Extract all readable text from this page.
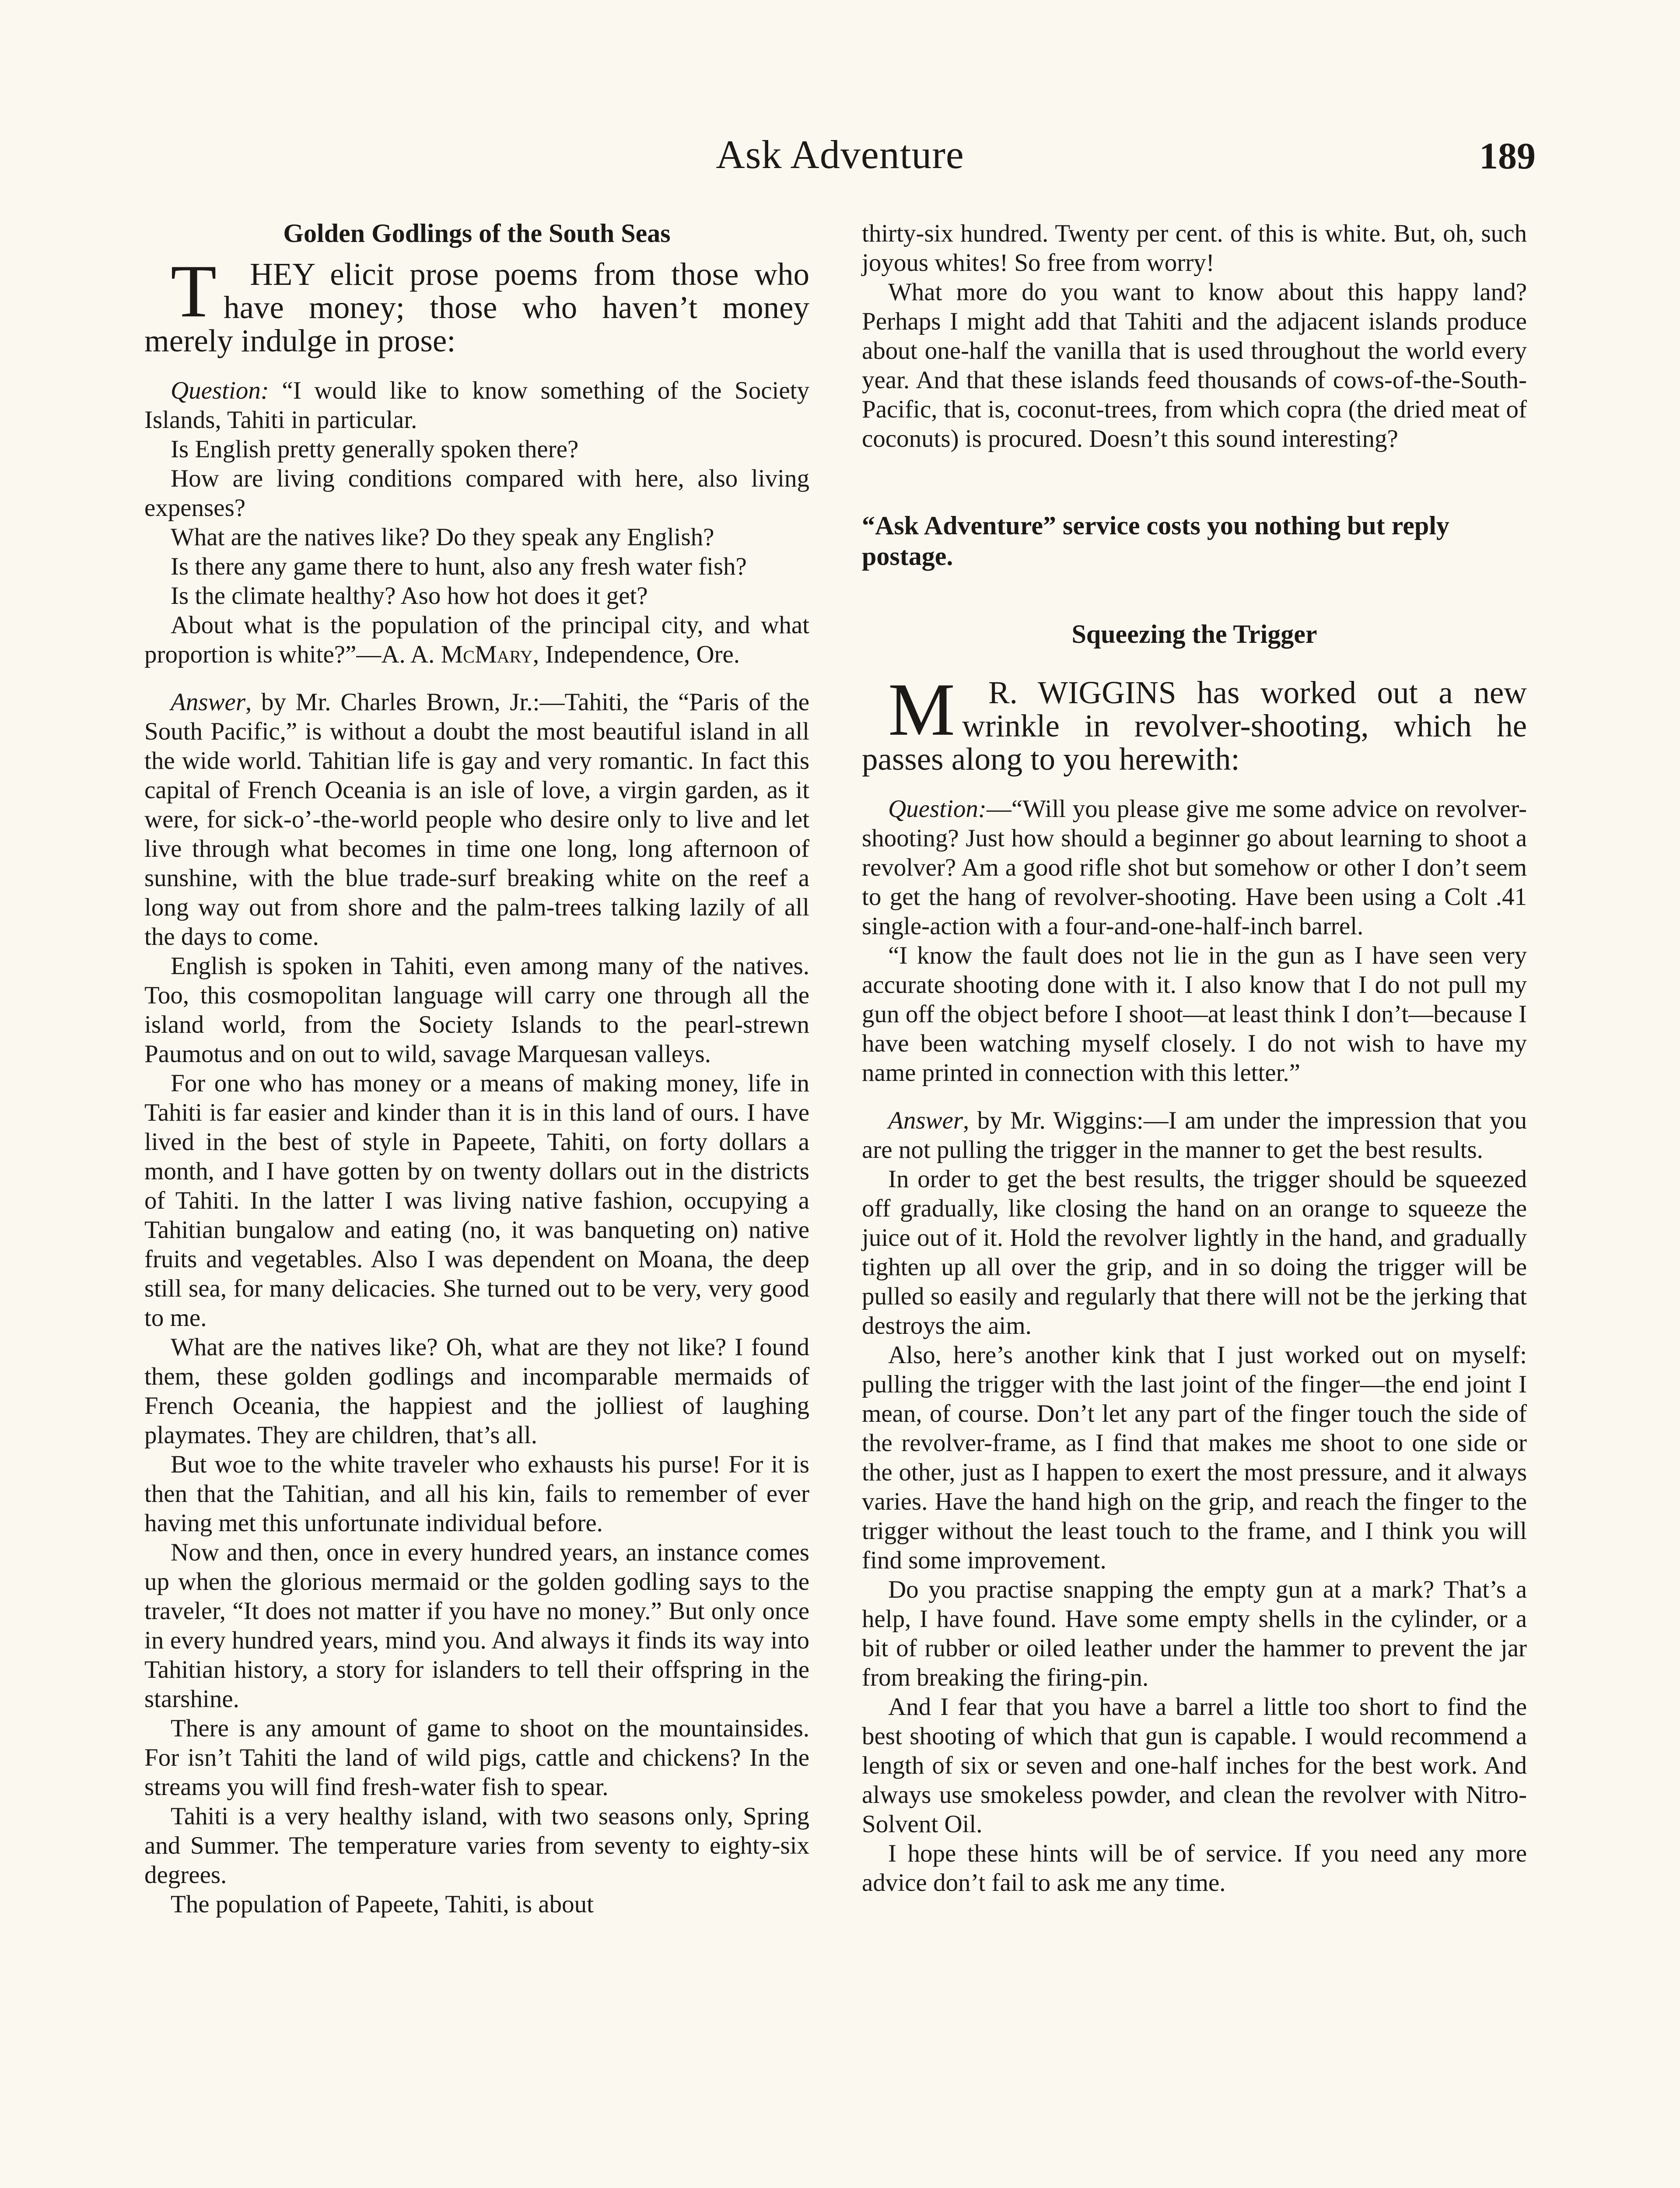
Ask Adventure	189
Golden Godlings of the South Seas

T HEY elicit prose poems from those who have money; those who haven’t money merely indulge in prose:

Question: “I would like to know something of the Society Islands, Tahiti in particular.

Is English pretty generally spoken there?

How are living conditions compared with here, also living expenses?

What are the natives like? Do they speak any English?

Is there any game there to hunt, also any fresh water fish?

Is the climate healthy? Aso how hot does it get?

About what is the population of the principal city, and what proportion is white?”—A. A. McMary, Independence, Ore.

Answer, by Mr. Charles Brown, Jr.:—Tahiti, the “Paris of the South Pacific,” is without a doubt the most beautiful island in all the wide world. Tahitian life is gay and very romantic. In fact this capital of French Oceania is an isle of love, a virgin garden, as it were, for sick-o’-the-world people who desire only to live and let live through what becomes in time one long, long afternoon of sunshine, with the blue trade-surf breaking white on the reef a long way out from shore and the palm-trees talking lazily of all the days to come.

English is spoken in Tahiti, even among many of the natives. Too, this cosmopolitan language will carry one through all the island world, from the Society Islands to the pearl-strewn Paumotus and on out to wild, savage Marquesan valleys.

For one who has money or a means of making money, life in Tahiti is far easier and kinder than it is in this land of ours. I have lived in the best of style in Papeete, Tahiti, on forty dollars a month, and I have gotten by on twenty dollars out in the districts of Tahiti. In the latter I was living native fashion, occupying a Tahitian bungalow and eating (no, it was banqueting on) native fruits and vegetables. Also I was dependent on Moana, the deep still sea, for many delicacies. She turned out to be very, very good to me.

What are the natives like? Oh, what are they not like? I found them, these golden godlings and incomparable mermaids of French Oceania, the happiest and the jolliest of laughing playmates. They are children, that’s all.

But woe to the white traveler who exhausts his purse! For it is then that the Tahitian, and all his kin, fails to remember of ever having met this unfortunate individual before.

Now and then, once in every hundred years, an instance comes up when the glorious mermaid or the golden godling says to the traveler, “It does not matter if you have no money.” But only once in every hundred years, mind you. And always it finds its way into Tahitian history, a story for islanders to tell their offspring in the starshine.

There is any amount of game to shoot on the mountainsides. For isn’t Tahiti the land of wild pigs, cattle and chickens? In the streams you will find fresh-water fish to spear.

Tahiti is a very healthy island, with two seasons only, Spring and Summer. The temperature varies from seventy to eighty-six degrees.

The population of Papeete, Tahiti, is about

thirty-six hundred. Twenty per cent. of this is white. But, oh, such joyous whites! So free from worry!

What more do you want to know about this happy land? Perhaps I might add that Tahiti and the adjacent islands produce about one-half the vanilla that is used throughout the world every year. And that these islands feed thousands of cows-of-the-South-Pacific, that is, coconut-trees, from which copra (the dried meat of coconuts) is procured. Doesn’t this sound interesting?

“Ask Adventure” service costs you nothing but reply postage.

Squeezing the Trigger

M R. WIGGINS has worked out a new wrinkle in revolver-shooting, which he passes along to you herewith:

Question:—“Will you please give me some advice on revolver-shooting? Just how should a beginner go about learning to shoot a revolver? Am a good rifle shot but somehow or other I don’t seem to get the hang of revolver-shooting. Have been using a Colt .41 single-action with a four-and-one-half-inch barrel.

“I know the fault does not lie in the gun as I have seen very accurate shooting done with it. I also know that I do not pull my gun off the object before I shoot—at least think I don’t—because I have been watching myself closely. I do not wish to have my name printed in connection with this letter.”

Answer, by Mr. Wiggins:—I am under the impression that you are not pulling the trigger in the manner to get the best results.

In order to get the best results, the trigger should be squeezed off gradually, like closing the hand on an orange to squeeze the juice out of it. Hold the revolver lightly in the hand, and gradually tighten up all over the grip, and in so doing the trigger will be pulled so easily and regularly that there will not be the jerking that destroys the aim.

Also, here’s another kink that I just worked out on myself: pulling the trigger with the last joint of the finger—the end joint I mean, of course. Don’t let any part of the finger touch the side of the revolver-frame, as I find that makes me shoot to one side or the other, just as I happen to exert the most pressure, and it always varies. Have the hand high on the grip, and reach the finger to the trigger without the least touch to the frame, and I think you will find some improvement.

Do you practise snapping the empty gun at a mark? That’s a help, I have found. Have some empty shells in the cylinder, or a bit of rubber or oiled leather under the hammer to prevent the jar from breaking the firing-pin.

And I fear that you have a barrel a little too short to find the best shooting of which that gun is capable. I would recommend a length of six or seven and one-half inches for the best work. And always use smokeless powder, and clean the revolver with Nitro-Solvent Oil.

I hope these hints will be of service. If you need any more advice don’t fail to ask me any time.
